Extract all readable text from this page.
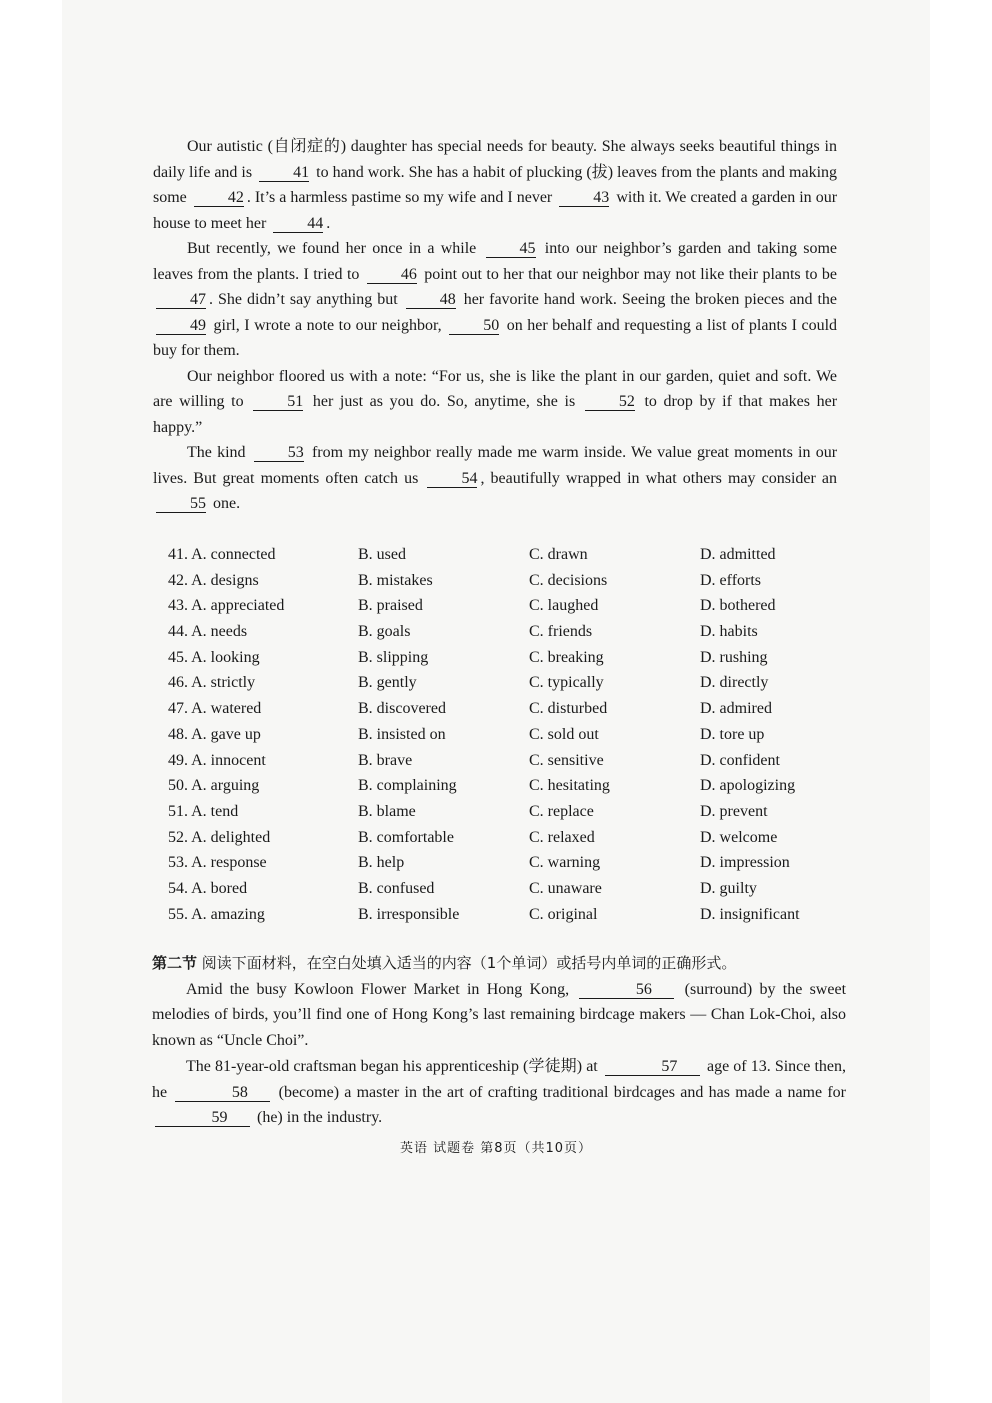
Our autistic (自闭症的) daughter has special needs for beauty. She always seeks beautiful things in daily life and is	41 to hand work. She has a habit of plucking (拔) leaves from the plants and making some	42 . It’s a harmless pastime so my wife and I never	43 with it. We created a garden in our house to meet her	44 .

But recently, we found her once in a while	45 into our neighbor’s garden and taking some leaves from the plants. I tried to	46 point out to her that our neighbor may not like their plants to be 47 . She didn’t say anything but	48 her favorite hand work. Seeing the broken pieces and the 49 girl, I wrote a note to our neighbor,	50 on her behalf and requesting a list of plants I could buy for them.

Our neighbor floored us with a note: “For us, she is like the plant in our garden, quiet and soft. We are willing to	51 her just as you do. So, anytime, she is	52 to drop by if that makes her happy.”

The kind	53 from my neighbor really made me warm inside. We value great moments in our lives. But great moments often catch us	54 , beautifully wrapped in what others may consider an 55 one.

41. A. connected	B. used	C. drawn	D. admitted
42. A. designs	B. mistakes	C. decisions	D. efforts
43. A. appreciated	B. praised	C. laughed	D. bothered
44. A. needs	B. goals	C. friends	D. habits
45. A. looking	B. slipping	C. breaking	D. rushing
46. A. strictly	B. gently	C. typically	D. directly
47. A. watered	B. discovered	C. disturbed	D. admired
48. A. gave up	B. insisted on	C. sold out	D. tore up
49. A. innocent	B. brave	C. sensitive	D. confident
50. A. arguing	B. complaining	C. hesitating	D. apologizing
51. A. tend	B. blame	C. replace	D. prevent
52. A. delighted	B. comfortable	C. relaxed	D. welcome
53. A. response	B. help	C. warning	D. impression
54. A. bored	B. confused	C. unaware	D. guilty
55. A. amazing	B. irresponsible	C. original	D. insignificant

第二节 阅读下面材料，在空白处填入适当的内容（1个单词）或括号内单词的正确形式。

Amid the busy Kowloon Flower Market in Hong Kong,	56 (surround) by the sweet melodies of birds, you’ll find one of Hong Kong’s last remaining birdcage makers — Chan Lok-Choi, also known as “Uncle Choi”.

The 81-year-old craftsman began his apprenticeship (学徒期) at	57 age of 13. Since then, he	58 (become) a master in the art of crafting traditional birdcages and has made a name for 59 (he) in the industry.

英语 试题卷 第8页（共10页）
